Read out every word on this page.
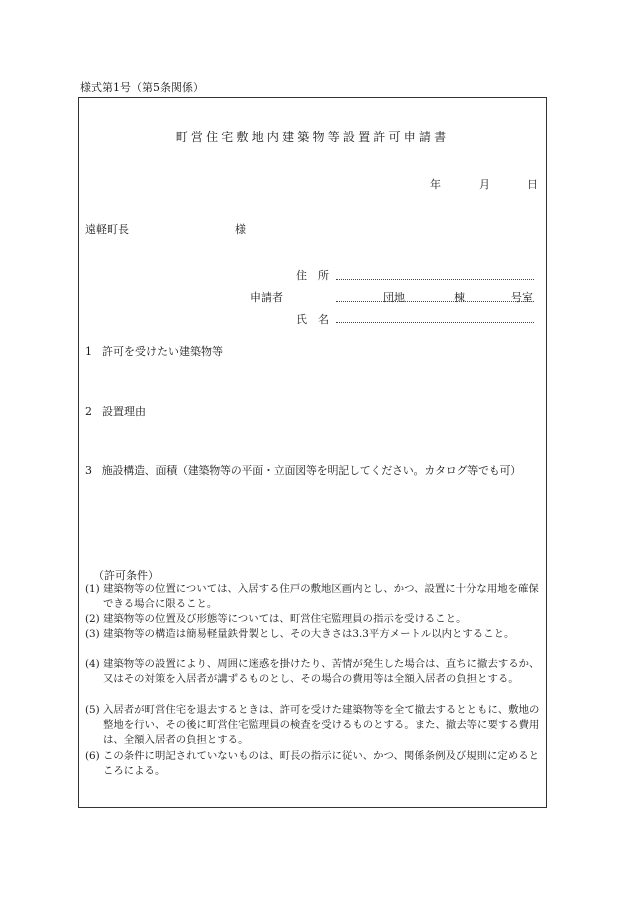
様式第1号（第5条関係）
町営住宅敷地内建築物等設置許可申請書
年	月	日
遠軽町長	様
住　所
申請者	団地	棟	号室
氏　名
1 許可を受けたい建築物等
2 設置理由
3 施設構造、面積（建築物等の平面・立面図等を明記してください。カタログ等でも可）
（許可条件）
(1) 建築物等の位置については、入居する住戸の敷地区画内とし、かつ、設置に十分な用地を確保できる場合に限ること。
(2) 建築物等の位置及び形態等については、町営住宅監理員の指示を受けること。
(3) 建築物等の構造は簡易軽量鉄骨製とし、その大きさは3.3平方メートル以内とすること。
(4) 建築物等の設置により、周囲に迷惑を掛けたり、苦情が発生した場合は、直ちに撤去するか、又はその対策を入居者が講ずるものとし、その場合の費用等は全額入居者の負担とする。
(5) 入居者が町営住宅を退去するときは、許可を受けた建築物等を全て撤去するとともに、敷地の整地を行い、その後に町営住宅監理員の検査を受けるものとする。また、撤去等に要する費用は、全額入居者の負担とする。
(6) この条件に明記されていないものは、町長の指示に従い、かつ、関係条例及び規則に定めるところによる。
